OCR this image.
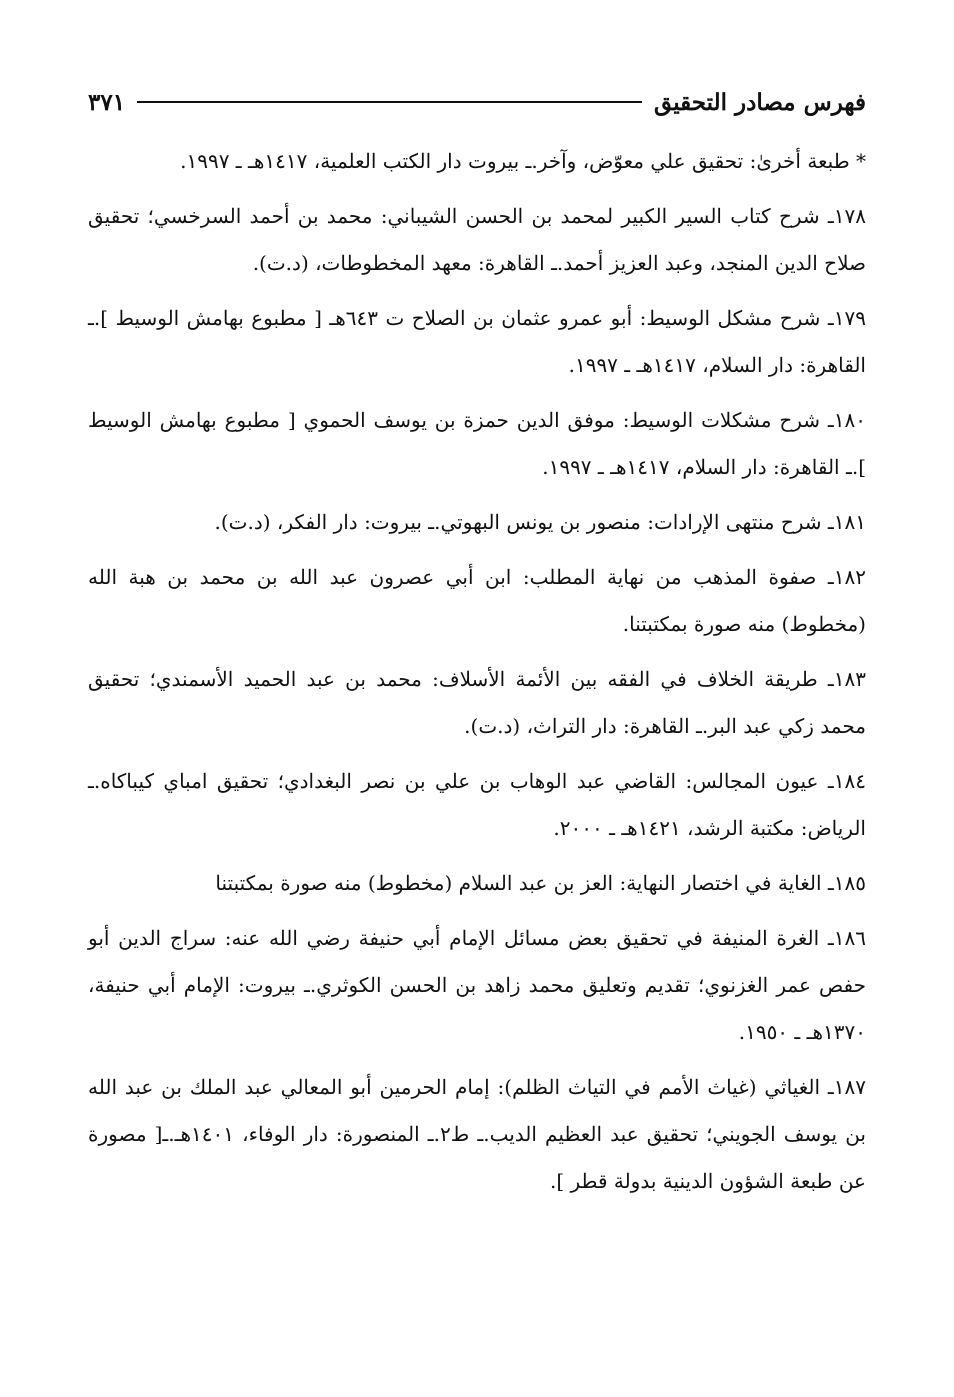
فهرس مصادر التحقيق
٣٧١

* طبعة أخرىٰ: تحقيق علي معوّض، وآخر.ـ بيروت دار الكتب العلمية، ١٤١٧هـ ـ ١٩٩٧.

١٧٨ـ شرح كتاب السير الكبير لمحمد بن الحسن الشيباني: محمد بن أحمد السرخسي؛ تحقيق صلاح الدين المنجد، وعبد العزيز أحمد.ـ القاهرة: معهد المخطوطات، (د.ت).

١٧٩ـ شرح مشكل الوسيط: أبو عمرو عثمان بن الصلاح ت ٦٤٣هـ [ مطبوع بهامش الوسيط ].ـ القاهرة: دار السلام، ١٤١٧هـ ـ ١٩٩٧.

١٨٠ـ شرح مشكلات الوسيط: موفق الدين حمزة بن يوسف الحموي [ مطبوع بهامش الوسيط ].ـ القاهرة: دار السلام، ١٤١٧هـ ـ ١٩٩٧.

١٨١ـ شرح منتهى الإرادات: منصور بن يونس البهوتي.ـ بيروت: دار الفكر، (د.ت).

١٨٢ـ صفوة المذهب من نهاية المطلب: ابن أبي عصرون عبد الله بن محمد بن هبة الله (مخطوط) منه صورة بمكتبتنا.

١٨٣ـ طريقة الخلاف في الفقه بين الأئمة الأسلاف: محمد بن عبد الحميد الأسمندي؛ تحقيق محمد زكي عبد البر.ـ القاهرة: دار التراث، (د.ت).

١٨٤ـ عيون المجالس: القاضي عبد الوهاب بن علي بن نصر البغدادي؛ تحقيق امباي كيباكاه.ـ الرياض: مكتبة الرشد، ١٤٢١هـ ـ ٢٠٠٠.

١٨٥ـ الغاية في اختصار النهاية: العز بن عبد السلام (مخطوط) منه صورة بمكتبتنا

١٨٦ـ الغرة المنيفة في تحقيق بعض مسائل الإمام أبي حنيفة رضي الله عنه: سراج الدين أبو حفص عمر الغزنوي؛ تقديم وتعليق محمد زاهد بن الحسن الكوثري.ـ بيروت: الإمام أبي حنيفة، ١٣٧٠هـ ـ ١٩٥٠.

١٨٧ـ الغياثي (غياث الأمم في التياث الظلم): إمام الحرمين أبو المعالي عبد الملك بن عبد الله بن يوسف الجويني؛ تحقيق عبد العظيم الديب.ـ ط٢.ـ المنصورة: دار الوفاء، ١٤٠١هـ.ـ[ مصورة عن طبعة الشؤون الدينية بدولة قطر ].
